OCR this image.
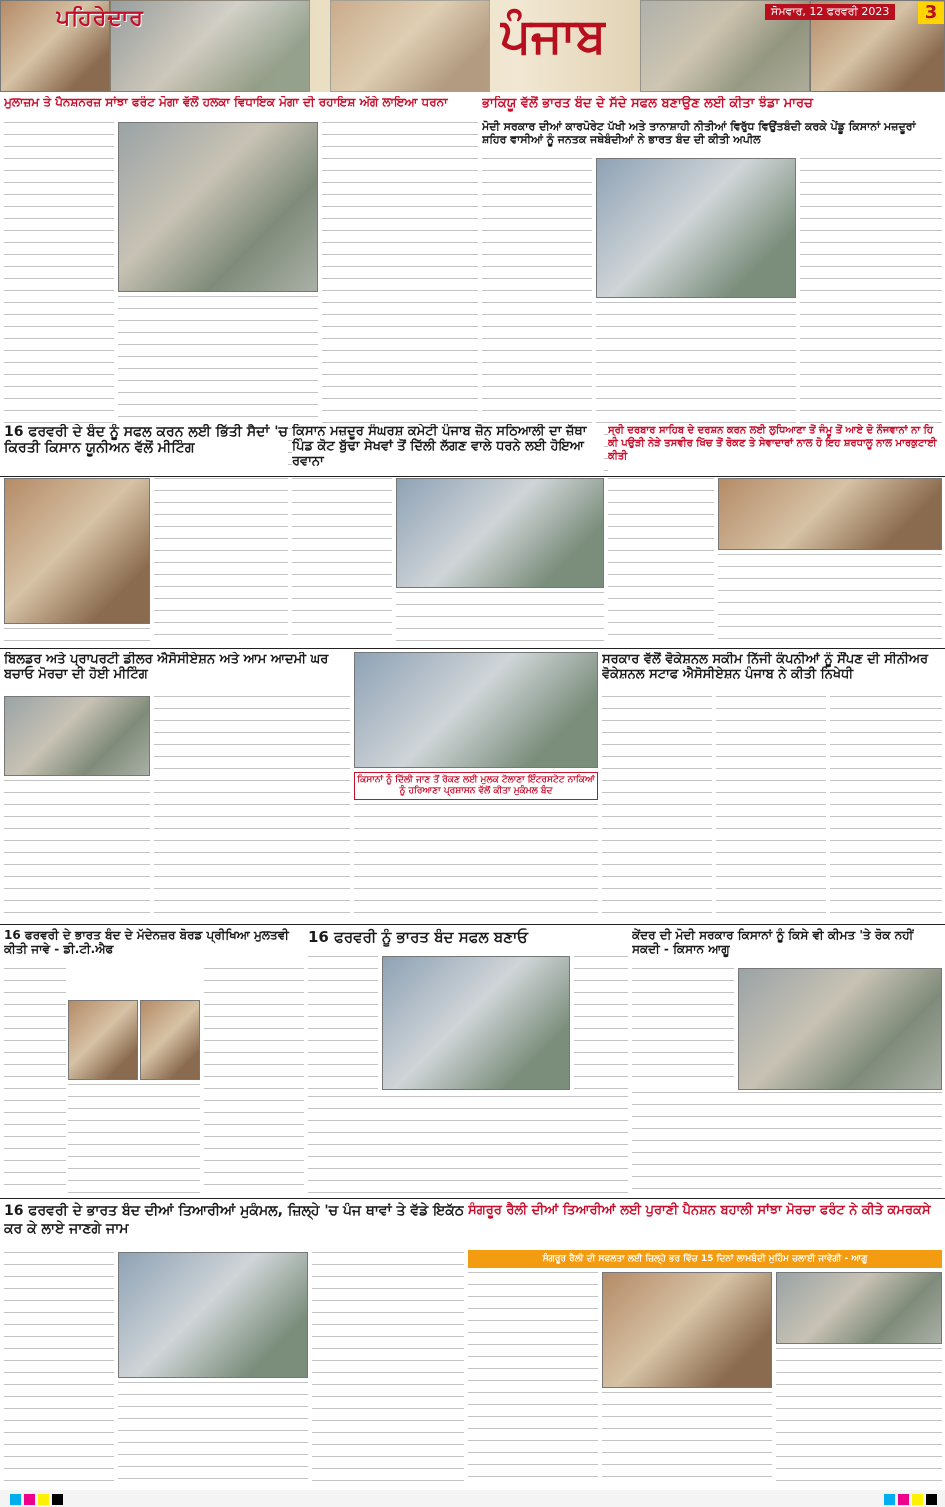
ਪਹਿਰੇਦਾਰ	ਪੰਜਾਬ	ਸੋਮਵਾਰ, 12 ਫਰਵਰੀ 2023	3
ਮੁਲਾਜ਼ਮ ਤੇ ਪੈਨਸ਼ਨਰਜ਼ ਸਾਂਝਾ ਫਰੰਟ ਮੋਗਾ ਵੱਲੋਂ ਹਲਕਾ ਵਿਧਾਇਕ ਮੋਗਾ ਦੀ ਰਹਾਇਸ਼ ਅੱਗੇ ਲਾਇਆ ਧਰਨਾ	ਭਾਕਿਯੂ ਵੱਲੋਂ ਭਾਰਤ ਬੰਦ ਦੇ ਸੱਦੇ ਸਫਲ ਬਣਾਉਣ ਲਈ ਕੀਤਾ ਝੰਡਾ ਮਾਰਚ
ਮੋਦੀ ਸਰਕਾਰ ਦੀਆਂ ਕਾਰਪੋਰੇਟ ਪੱਖੀ ਅਤੇ ਤਾਨਾਸ਼ਾਹੀ ਨੀਤੀਆਂ ਵਿਰੁੱਧ ਵਿਉਂਤਬੰਦੀ ਕਰਕੇ ਪੇਂਡੂ ਕਿਸਾਨਾਂ ਮਜ਼ਦੂਰਾਂ ਸ਼ਹਿਰ ਵਾਸੀਆਂ ਨੂੰ ਜਨਤਕ ਜਥੇਬੰਦੀਆਂ ਨੇ ਭਾਰਤ ਬੰਦ ਦੀ ਕੀਤੀ ਅਪੀਲ
16 ਫਰਵਰੀ ਦੇ ਬੰਦ ਨੂੰ ਸਫਲ ਕਰਨ ਲਈ ਭਿੱਤੀ ਸੈਦਾਂ 'ਚ ਕਿਰਤੀ ਕਿਸਾਨ ਯੂਨੀਅਨ ਵੱਲੋਂ ਮੀਟਿੰਗ
ਕਿਸਾਨ ਮਜ਼ਦੂਰ ਸੰਘਰਸ਼ ਕਮੇਟੀ ਪੰਜਾਬ ਜ਼ੋਨ ਸਠਿਆਲੀ ਦਾ ਜ਼ੱਥਾ ਪਿੰਡ ਕੋਟ ਬੁੱਢਾ ਸੇਖਵਾਂ ਤੋਂ ਦਿੱਲੀ ਲੱਗਣ ਵਾਲੇ ਧਰਨੇ ਲਈ ਹੋਇਆ ਰਵਾਨਾ
ਸ੍ਰੀ ਦਰਬਾਰ ਸਾਹਿਬ ਦੇ ਦਰਸ਼ਨ ਕਰਨ ਲਈ ਲੁਧਿਆਣਾ ਤੋਂ ਜੰਮੂ ਤੋਂ ਆਏ ਦੋ ਨੌਜਵਾਨਾਂ ਨਾ ਹਿ ਕੀ ਪਉੜੀ ਨੇੜੇ ਤਸਵੀਰ ਖਿੱਚ ਤੋਂ ਰੋਕਣ ਤੇ ਸੇਵਾਦਾਰਾਂ ਨਾਲ ਹੋ ਇਹ ਸ਼ਰਧਾਲੂ ਨਾਲ ਮਾਰਕੁਟਾਈ ਕੀਤੀ
ਬਿਲਡਰ ਅਤੇ ਪ੍ਰਾਪਰਟੀ ਡੀਲਰ ਐਸੋਸੀਏਸ਼ਨ ਅਤੇ ਆਮ ਆਦਮੀ ਘਰ ਬਚਾਓ ਮੋਰਚਾ ਦੀ ਹੋਈ ਮੀਟਿੰਗ
ਕਿਸਾਨਾਂ ਨੂੰ ਦਿੱਲੀ ਜਾਣ ਤੋਂ ਰੋਕਣ ਲਈ ਮੁਲਕ ਟੋਲਾਣਾ ਇੰਟਰਸਟੇਟ ਨਾਕਿਆਂ ਨੂੰ ਹਰਿਆਣਾ ਪ੍ਰਸ਼ਾਸਨ ਵੱਲੋਂ ਕੀਤਾ ਮੁਕੰਮਲ ਬੰਦ
ਸਰਕਾਰ ਵੱਲੋਂ ਵੋਕੇਸ਼ਨਲ ਸਕੀਮ ਨਿੱਜੀ ਕੰਪਨੀਆਂ ਨੂੰ ਸੌਂਪਣ ਦੀ ਸੀਨੀਅਰ ਵੋਕੇਸ਼ਨਲ ਸਟਾਫ ਐਸੋਸੀਏਸ਼ਨ ਪੰਜਾਬ ਨੇ ਕੀਤੀ ਨਿਖੇਧੀ
16 ਫਰਵਰੀ ਦੇ ਭਾਰਤ ਬੰਦ ਦੇ ਮੱਦੇਨਜ਼ਰ ਬੋਰਡ ਪ੍ਰੀਖਿਆ ਮੁਲਤਵੀ ਕੀਤੀ ਜਾਵੇ - ਡੀ.ਟੀ.ਐਫ
16 ਫਰਵਰੀ ਨੂੰ ਭਾਰਤ ਬੰਦ ਸਫਲ ਬਣਾਓ	ਕੇਂਦਰ ਦੀ ਮੋਦੀ ਸਰਕਾਰ ਕਿਸਾਨਾਂ ਨੂੰ ਕਿਸੇ ਵੀ ਕੀਮਤ 'ਤੇ ਰੋਕ ਨਹੀਂ ਸਕਦੀ - ਕਿਸਾਨ ਆਗੂ
16 ਫਰਵਰੀ ਦੇ ਭਾਰਤ ਬੰਦ ਦੀਆਂ ਤਿਆਰੀਆਂ ਮੁਕੰਮਲ, ਜ਼ਿਲ੍ਹੇ 'ਚ ਪੰਜ ਥਾਵਾਂ ਤੇ ਵੱਡੇ ਇਕੱਠ ਕਰ ਕੇ ਲਾਏ ਜਾਣਗੇ ਜਾਮ
ਸੰਗਰੂਰ ਰੈਲੀ ਦੀਆਂ ਤਿਆਰੀਆਂ ਲਈ ਪੁਰਾਣੀ ਪੈਨਸ਼ਨ ਬਹਾਲੀ ਸਾਂਝਾ ਮੋਰਚਾ ਫਰੰਟ ਨੇ ਕੀਤੇ ਕਮਰਕਸੇ
ਸੰਗਰੂਰ ਰੈਲੀ ਦੀ ਸਫਲਤਾ ਲਈ ਜ਼ਿਲ੍ਹੇ ਭਰ ਵਿੱਚ 15 ਦਿਨਾਂ ਲਾਮਬੰਦੀ ਮੁਹਿੰਮ ਚਲਾਈ ਜਾਵੇਗੀ - ਆਗੂ
